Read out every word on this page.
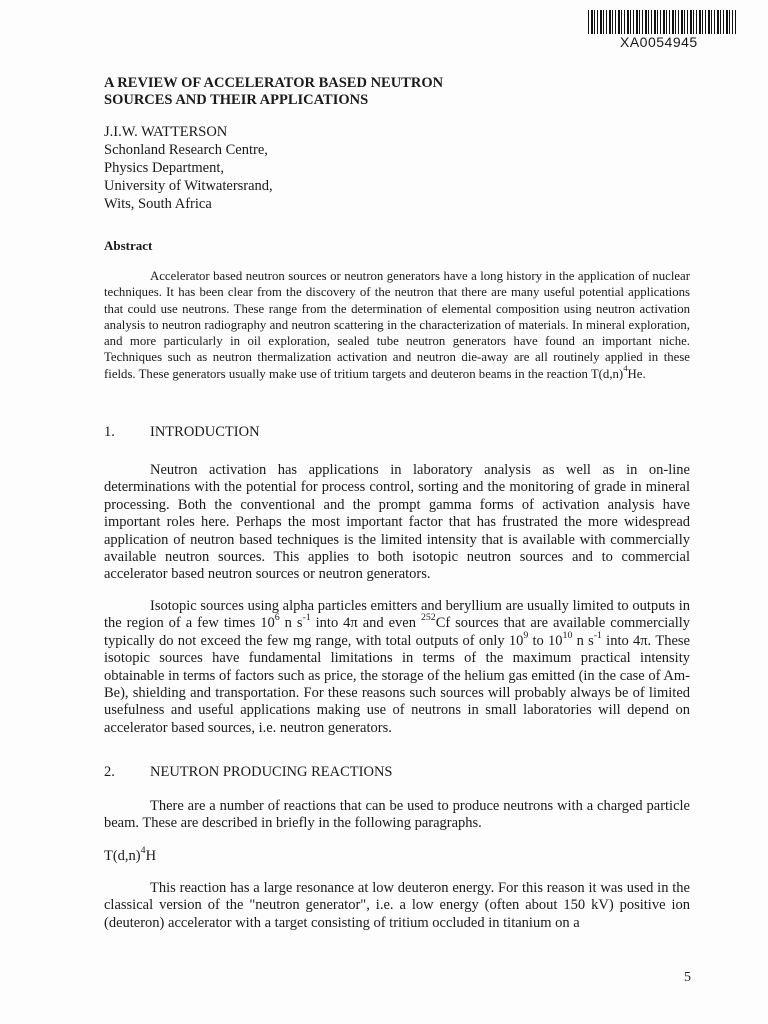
XA0054945
A REVIEW OF ACCELERATOR BASED NEUTRON
SOURCES AND THEIR APPLICATIONS
J.I.W. WATTERSON
Schonland Research Centre,
Physics Department,
University of Witwatersrand,
Wits, South Africa
Abstract

Accelerator based neutron sources or neutron generators have a long history in the application of nuclear techniques. It has been clear from the discovery of the neutron that there are many useful potential applications that could use neutrons. These range from the determination of elemental composition using neutron activation analysis to neutron radiography and neutron scattering in the characterization of materials. In mineral exploration, and more particularly in oil exploration, sealed tube neutron generators have found an important niche. Techniques such as neutron thermalization activation and neutron die-away are all routinely applied in these fields. These generators usually make use of tritium targets and deuteron beams in the reaction $T(d,n)^4He$.

1. INTRODUCTION

Neutron activation has applications in laboratory analysis as well as in on-line determinations with the potential for process control, sorting and the monitoring of grade in mineral processing. Both the conventional and the prompt gamma forms of activation analysis have important roles here. Perhaps the most important factor that has frustrated the more widespread application of neutron based techniques is the limited intensity that is available with commercially available neutron sources. This applies to both isotopic neutron sources and to commercial accelerator based neutron sources or neutron generators.

Isotopic sources using alpha particles emitters and beryllium are usually limited to outputs in the region of a few times $10^6$ n $s^{-1}$ into 4π and even $^{252}$Cf sources that are available commercially typically do not exceed the few mg range, with total outputs of only $10^9$ to $10^{10}$ n $s^{-1}$ into 4π. These isotopic sources have fundamental limitations in terms of the maximum practical intensity obtainable in terms of factors such as price, the storage of the helium gas emitted (in the case of Am-Be), shielding and transportation. For these reasons such sources will probably always be of limited usefulness and useful applications making use of neutrons in small laboratories will depend on accelerator based sources, i.e. neutron generators.

2. NEUTRON PRODUCING REACTIONS

There are a number of reactions that can be used to produce neutrons with a charged particle beam. These are described in briefly in the following paragraphs.

$T(d,n)^4H$

This reaction has a large resonance at low deuteron energy. For this reason it was used in the classical version of the "neutron generator", i.e. a low energy (often about 150 kV) positive ion (deuteron) accelerator with a target consisting of tritium occluded in titanium on a

5
